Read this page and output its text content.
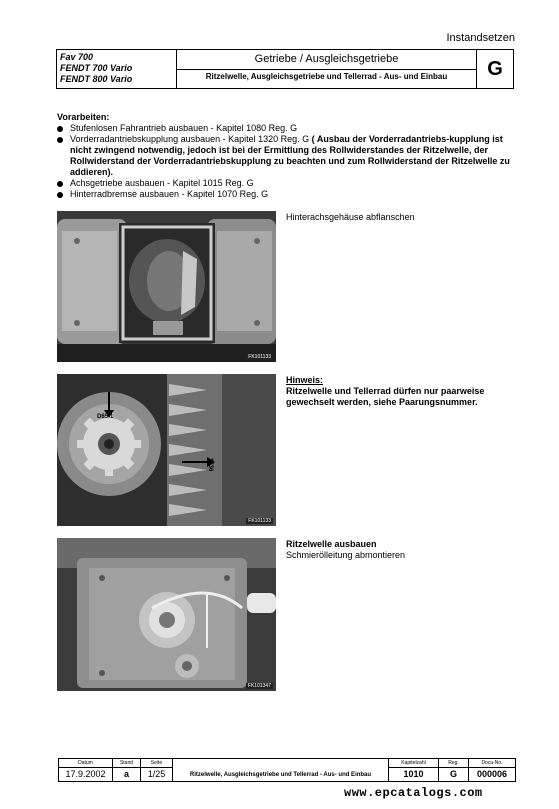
Instandsetzen
Fav 700
FENDT 700 Vario
FENDT 800 Vario
Getriebe / Ausgleichsgetriebe
Ritzelwelle, Ausgleichsgetriebe und Tellerrad - Aus- und Einbau	G
Vorarbeiten:
Stufenlosen Fahrantrieb ausbauen - Kapitel 1080 Reg. G
Vorderradantriebskupplung ausbauen - Kapitel 1320 Reg. G ( Ausbau der Vorderradantriebs-kupplung ist nicht zwingend notwendig, jedoch ist bei der Ermittlung des Rollwiderstandes der Ritzelwelle, der Rollwiderstand der Vorderradantriebskupplung zu beachten und zum Rollwiderstand der Ritzelwelle zu addieren).
Achsgetriebe ausbauen - Kapitel 1015 Reg. G
Hinterradbremse ausbauen - Kapitel 1070 Reg. G
FK101133
Hinterachsgehäuse abflanschen
D65-1
1536
FK101133
Hinweis:
Ritzelwelle und Tellerrad dürfen nur paarweise gewechselt werden, siehe Paarungsnummer.
FK101347
Ritzelwelle ausbauen
Schmierölleitung abmontieren
Datum
17.9.2002
Stand
a
Seite
1/25	Ritzelwelle, Ausgleichsgetriebe und Tellerrad - Aus- und Einbau
Kapitelzahl
1010
Reg.
G
Docu-No.
000006
www.epcatalogs.com
